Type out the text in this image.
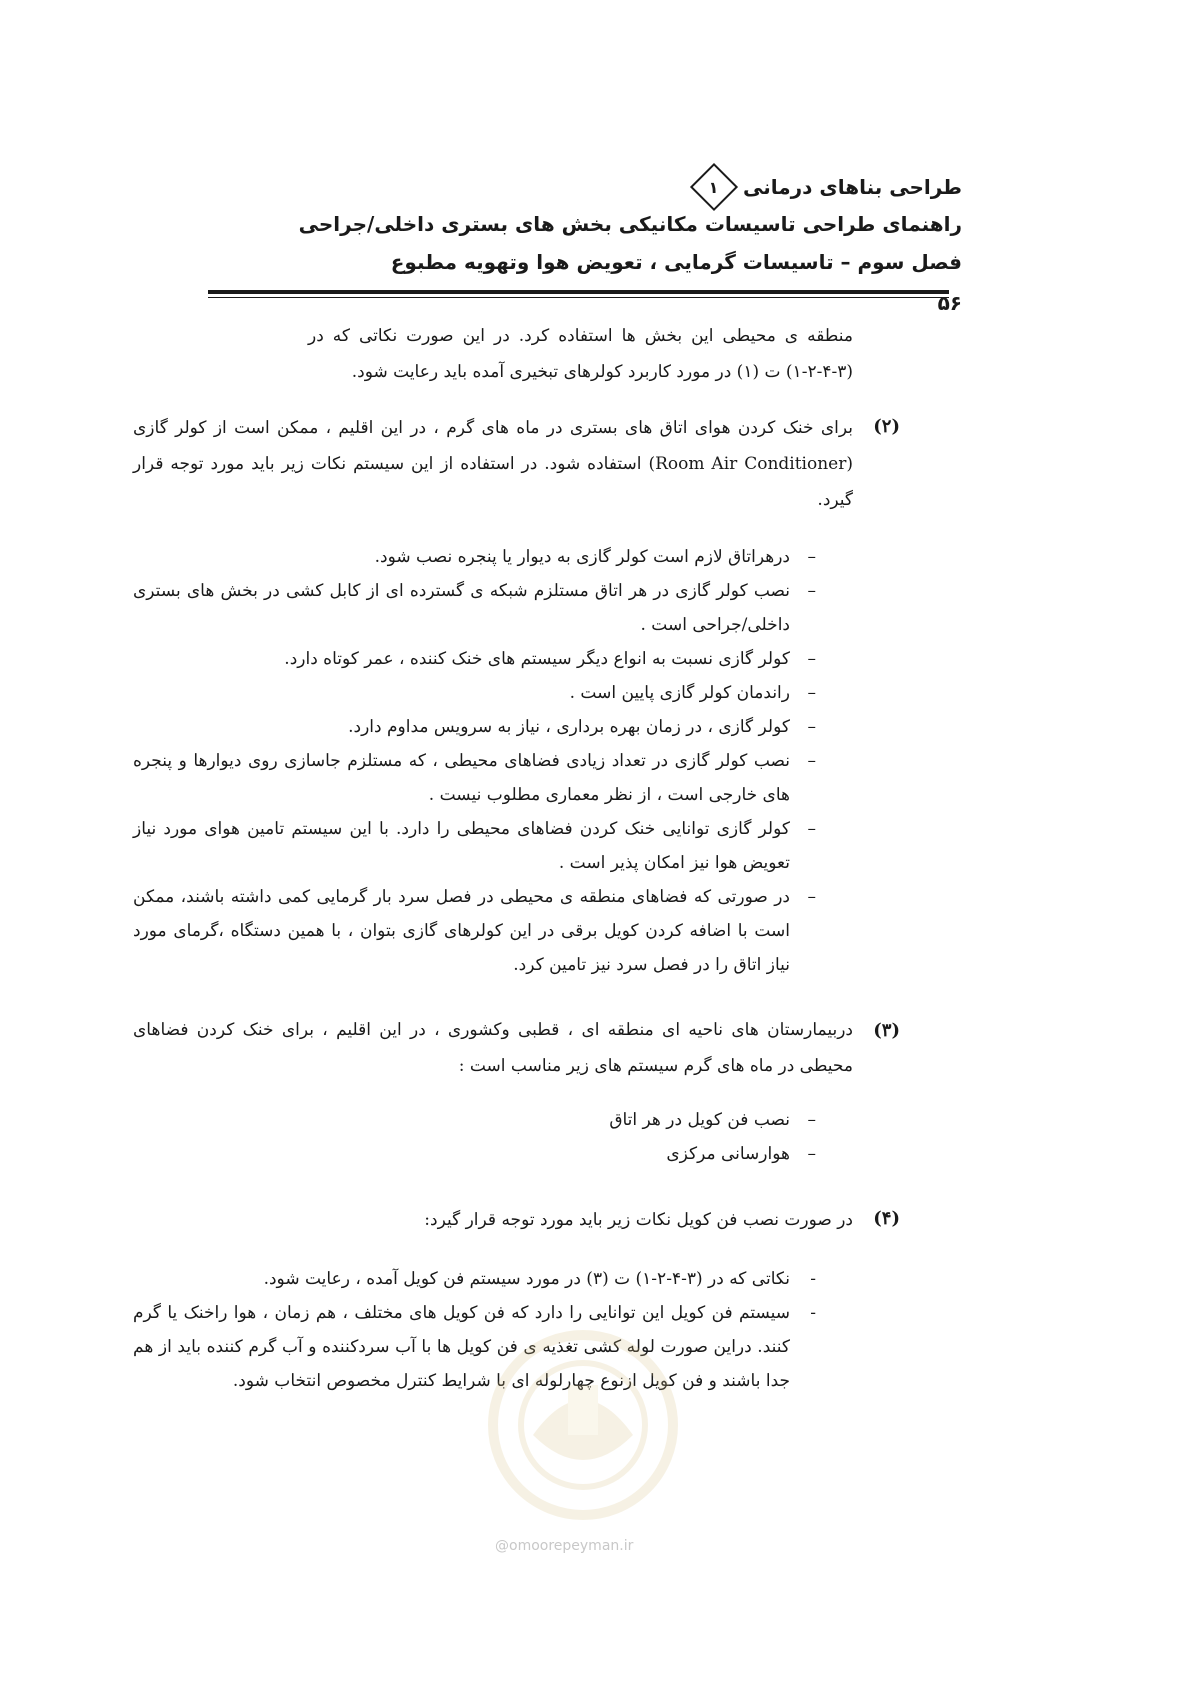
طراحی بناهای درمانی
۱
راهنمای طراحی تاسیسات مکانیکی بخش های بستری داخلی/جراحی
فصل سوم – تاسیسات گرمایی ، تعویض هوا وتهویه مطبوع
۵۶

منطقه ی محیطی این بخش ها استفاده کرد. در این صورت نکاتی که در (۳-۴-۲-۱) ت (۱) در مورد کاربرد کولرهای تبخیری آمده باید رعایت شود.

(۲)

برای خنک کردن هوای اتاق های بستری در ماه های گرم ، در این اقلیم ، ممکن است از کولر گازی (Room Air Conditioner) استفاده شود. در استفاده از این سیستم نکات زیر باید مورد توجه قرار گیرد.

– درهراتاق لازم است کولر گازی به دیوار یا پنجره نصب شود.
– نصب کولر گازی در هر اتاق مستلزم شبکه ی گسترده ای از کابل کشی در بخش های بستری داخلی/جراحی است .
– کولر گازی نسبت به انواع دیگر سیستم های خنک کننده ، عمر کوتاه دارد.
– راندمان کولر گازی پایین است .
– کولر گازی ، در زمان بهره برداری ، نیاز به سرویس مداوم دارد.
– نصب کولر گازی در تعداد زیادی فضاهای محیطی ، که مستلزم جاسازی روی دیوارها و پنجره های خارجی است ، از نظر معماری مطلوب نیست .
– کولر گازی توانایی خنک کردن فضاهای محیطی را دارد. با این سیستم تامین هوای مورد نیاز تعویض هوا نیز امکان پذیر است .
– در صورتی که فضاهای منطقه ی محیطی در فصل سرد بار گرمایی کمی داشته باشند، ممکن است با اضافه کردن کویل برقی در این کولرهای گازی بتوان ، با همین دستگاه ،گرمای مورد نیاز اتاق را در فصل سرد نیز تامین کرد.
(۳)

دربیمارستان های ناحیه ای منطقه ای ، قطبی وکشوری ، در این اقلیم ، برای خنک کردن فضاهای محیطی در ماه های گرم سیستم های زیر مناسب است :

– نصب فن کویل در هر اتاق
– هوارسانی مرکزی
(۴)

در صورت نصب فن کویل نکات زیر باید مورد توجه قرار گیرد:

- نکاتی که در (۳-۴-۲-۱) ت (۳) در مورد سیستم فن کویل آمده ، رعایت شود.
- سیستم فن کویل این توانایی را دارد که فن کویل های مختلف ، هم زمان ، هوا راخنک یا گرم کنند. دراین صورت لوله کشی تغذیه ی فن کویل ها با آب سردکننده و آب گرم کننده باید از هم جدا باشند و فن کویل ازنوع چهارلوله ای با شرایط کنترل مخصوص انتخاب شود.
@omoorepeyman.ir
